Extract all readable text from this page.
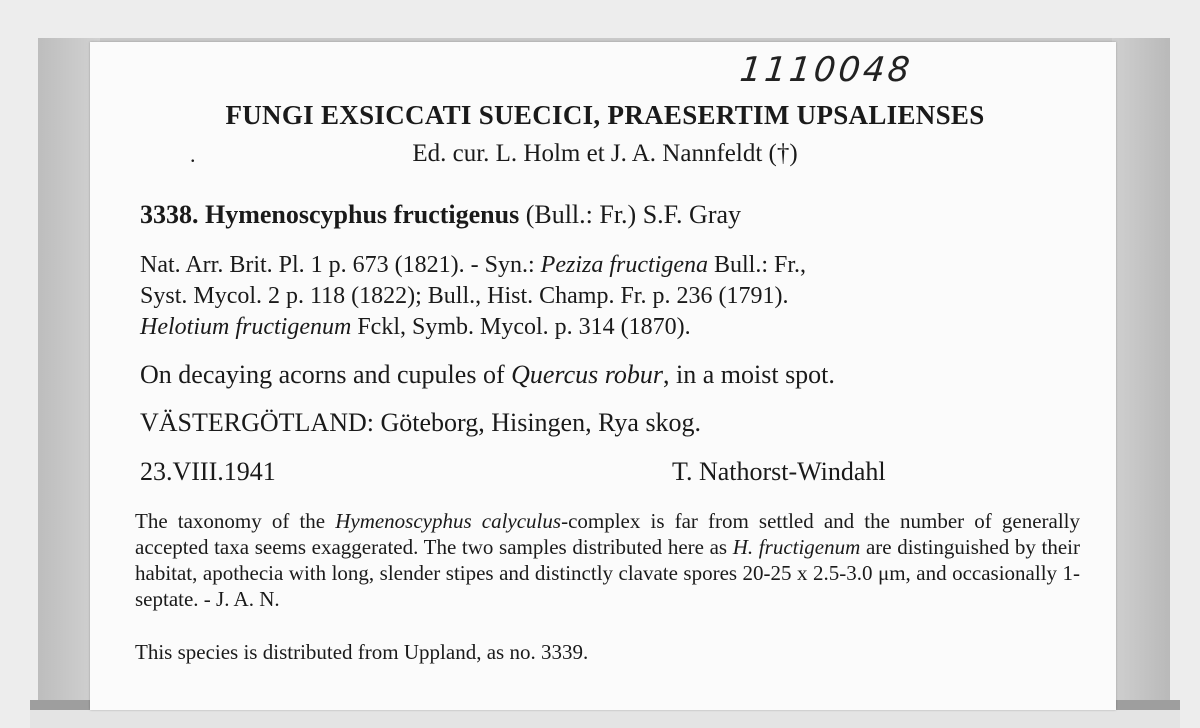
1110048
FUNGI EXSICCATI SUECICI, PRAESERTIM UPSALIENSES
.	Ed. cur. L. Holm et J. A. Nannfeldt (†)
3338. Hymenoscyphus fructigenus (Bull.: Fr.) S.F. Gray
Nat. Arr. Brit. Pl. 1 p. 673 (1821). - Syn.: Peziza fructigena Bull.: Fr.,
Syst. Mycol. 2 p. 118 (1822); Bull., Hist. Champ. Fr. p. 236 (1791).
Helotium fructigenum Fckl, Symb. Mycol. p. 314 (1870).
On decaying acorns and cupules of Quercus robur, in a moist spot.
VÄSTERGÖTLAND: Göteborg, Hisingen, Rya skog.
23.VIII.1941	T. Nathorst-Windahl
The taxonomy of the Hymenoscyphus calyculus-complex is far from settled and the number of generally accepted taxa seems exaggerated. The two samples distributed here as H. fructigenum are distinguished by their habitat, apothecia with long, slender stipes and distinctly clavate spores 20-25 x 2.5-3.0 μm, and occasionally 1-septate. - J. A. N.
This species is distributed from Uppland, as no. 3339.
